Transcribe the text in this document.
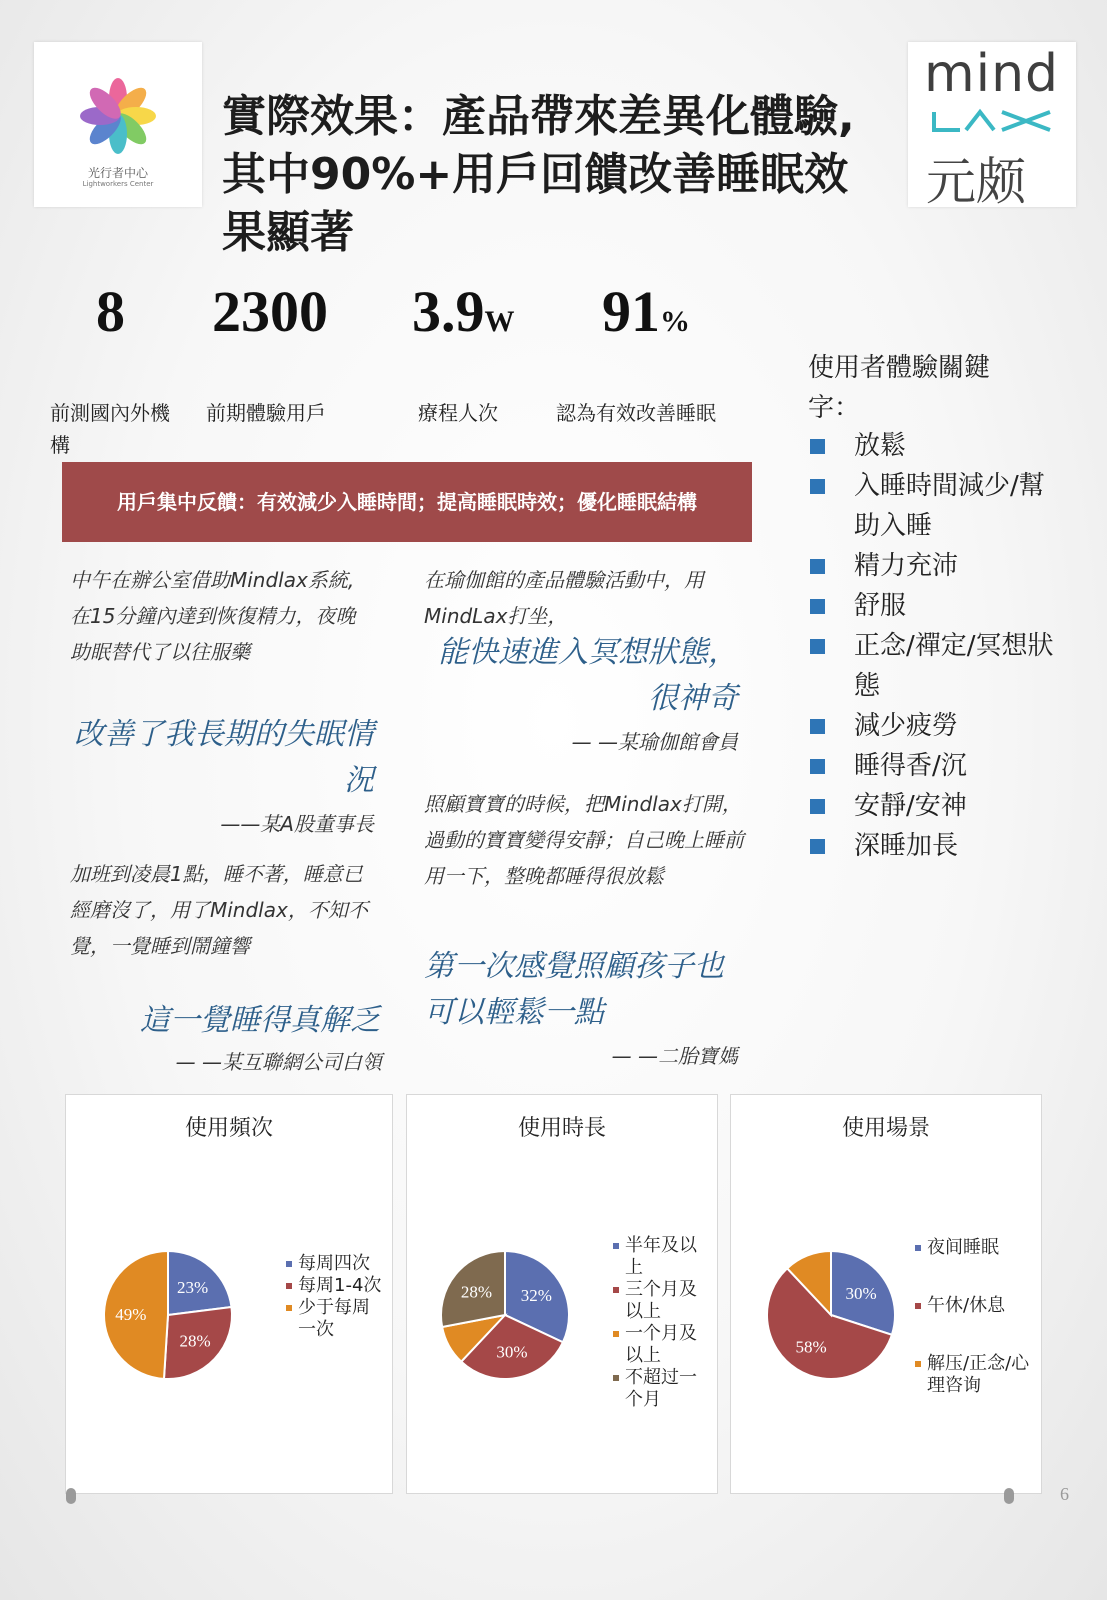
光行者中心
Lightworkers Center
mind
元颇
實際效果：產品帶來差異化體驗,其中90%+用戶回饋改善睡眠效果顯著
8 2300 3.9W 91%
前測國內外機構
前期體驗用戶	療程人次	認為有效改善睡眠
用戶集中反饋：有效減少入睡時間；提高睡眠時效；優化睡眠結構
中午在辦公室借助Mindlax系統,在15分鐘內達到恢復精力，夜晚助眠替代了以往服藥
改善了我長期的失眠情況
——某A股董事長
加班到凌晨1點，睡不著，睡意已經磨沒了，用了Mindlax，不知不覺，一覺睡到鬧鐘響
這一覺睡得真解乏
— —某互聯網公司白領
在瑜伽館的產品體驗活動中，用MindLax打坐，
能快速進入冥想狀態，很神奇
— —某瑜伽館會員
照顧寶寶的時候，把Mindlax打開，過動的寶寶變得安靜；自己晚上睡前用一下，整晚都睡得很放鬆
第一次感覺照顧孩子也可以輕鬆一點
— —二胎寶媽
使用者體驗關鍵字：
放鬆
入睡時間減少/幫助入睡
精力充沛
舒服
正念/禪定/冥想狀態
減少疲勞
睡得香/沉
安靜/安神
深睡加長
使用頻次
23%
28%
49%
每周四次
每周1-4次
少于每周一次
使用時長
32%
30%
28%
半年及以上
三个月及以上
一个月及以上
不超过一个月
使用場景
30%
58%
夜间睡眠
午休/休息
解压/正念/心理咨询
6
